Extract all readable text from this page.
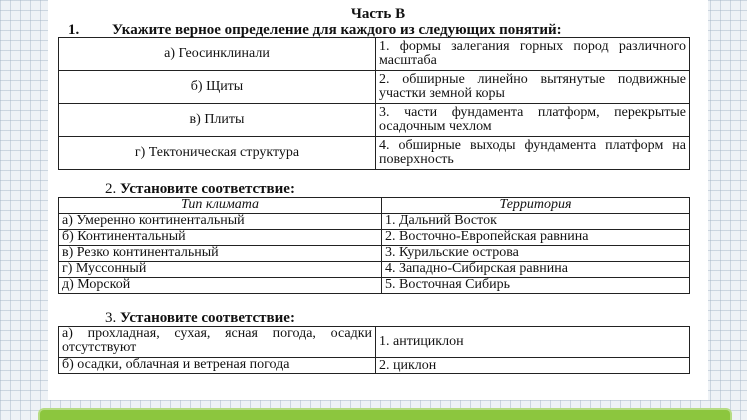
Часть В
1. Укажите верное определение для каждого из следующих понятий:
а) Геосинклинали	1. формы залегания горных пород различного масштаба
б) Щиты	2. обширные линейно вытянутые подвижные участки земной коры
в) Плиты	3. части фундамента платформ, перекрытые осадочным чехлом
г) Тектоническая структура	4. обширные выходы фундамента платформ на поверхность
2. Установите соответствие:
Тип климата	Территория
а) Умеренно континентальный	1. Дальний Восток
б) Континентальный	2. Восточно-Европейская равнина
в) Резко континентальный	3. Курильские острова
г) Муссонный	4. Западно-Сибирская равнина
д) Морской	5. Восточная Сибирь
3. Установите соответствие:
а) прохладная, сухая, ясная погода, осадки отсутствуют	1. антициклон
б) осадки, облачная и ветреная погода	2. циклон
